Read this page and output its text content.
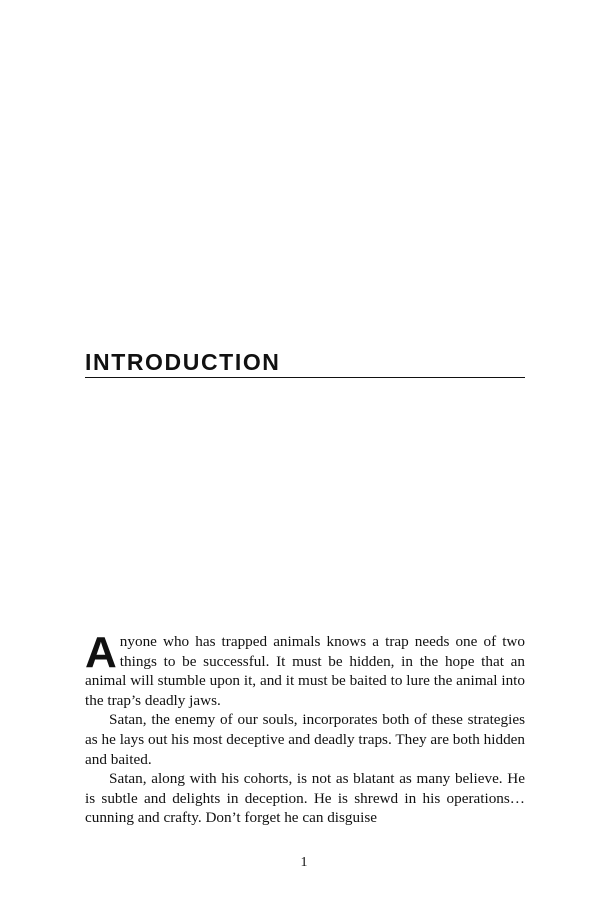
INTRODUCTION

Anyone who has trapped animals knows a trap needs one of two things to be successful. It must be hidden, in the hope that an animal will stumble upon it, and it must be baited to lure the animal into the trap’s deadly jaws.

Satan, the enemy of our souls, incorporates both of these strategies as he lays out his most deceptive and deadly traps. They are both hidden and baited.

Satan, along with his cohorts, is not as blatant as many believe. He is subtle and delights in deception. He is shrewd in his operations…cunning and crafty. Don’t forget he can disguise

1
